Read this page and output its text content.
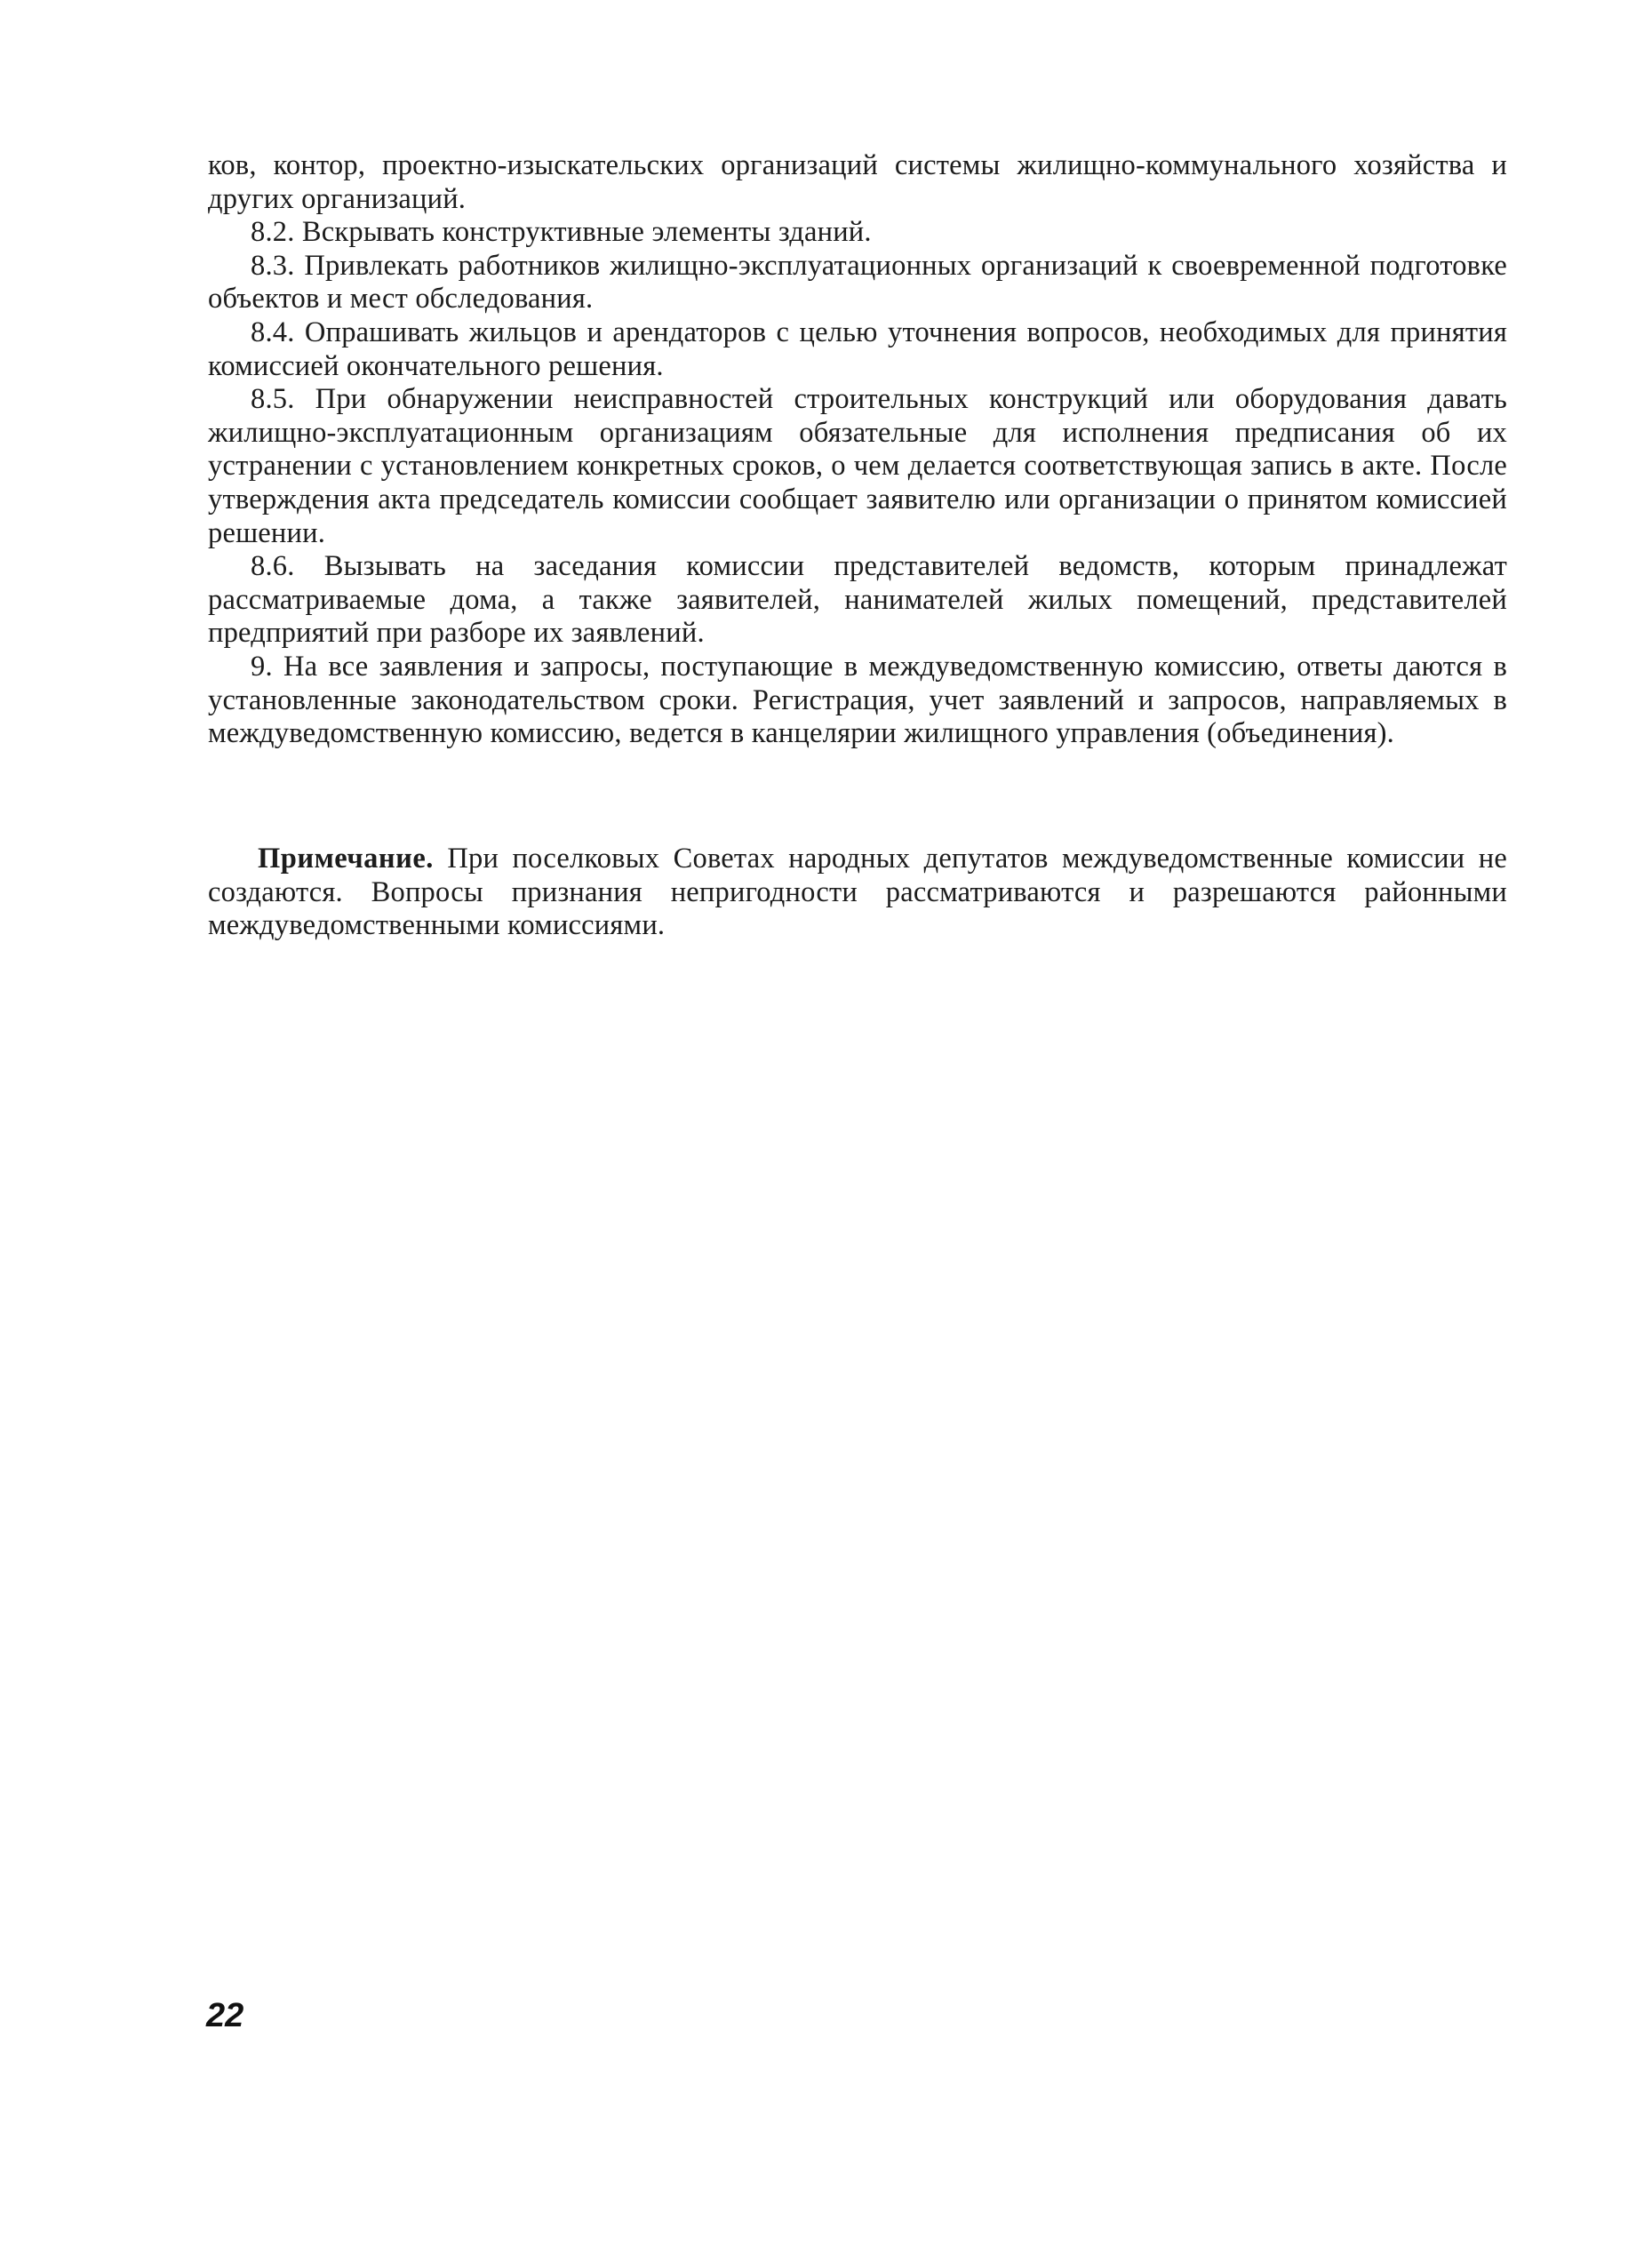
ков, контор, проектно-изыскательских организаций системы жилищно-коммунального хозяйства и других организаций.

8.2. Вскрывать конструктивные элементы зданий.

8.3. Привлекать работников жилищно-эксплуатационных организаций к своевременной подготовке объектов и мест обследования.

8.4. Опрашивать жильцов и арендаторов с целью уточнения вопросов, необходимых для принятия комиссией окончательного решения.

8.5. При обнаружении неисправностей строительных конструкций или оборудования давать жилищно-эксплуатационным организациям обязательные для исполнения предписания об их устранении с установлением конкретных сроков, о чем делается соответствующая запись в акте. После утверждения акта председатель комиссии сообщает заявителю или организации о принятом комиссией решении.

8.6. Вызывать на заседания комиссии представителей ведомств, которым принадлежат рассматриваемые дома, а также заявителей, нанимателей жилых помещений, представителей предприятий при разборе их заявлений.

9. На все заявления и запросы, поступающие в междуведомственную комиссию, ответы даются в установленные законодательством сроки. Регистрация, учет заявлений и запросов, направляемых в междуведомственную комиссию, ведется в канцелярии жилищного управления (объединения).

Примечание. При поселковых Советах народных депутатов междуведомственные комиссии не создаются. Вопросы признания непригодности рассматриваются и разрешаются районными междуведомственными комиссиями.

22
